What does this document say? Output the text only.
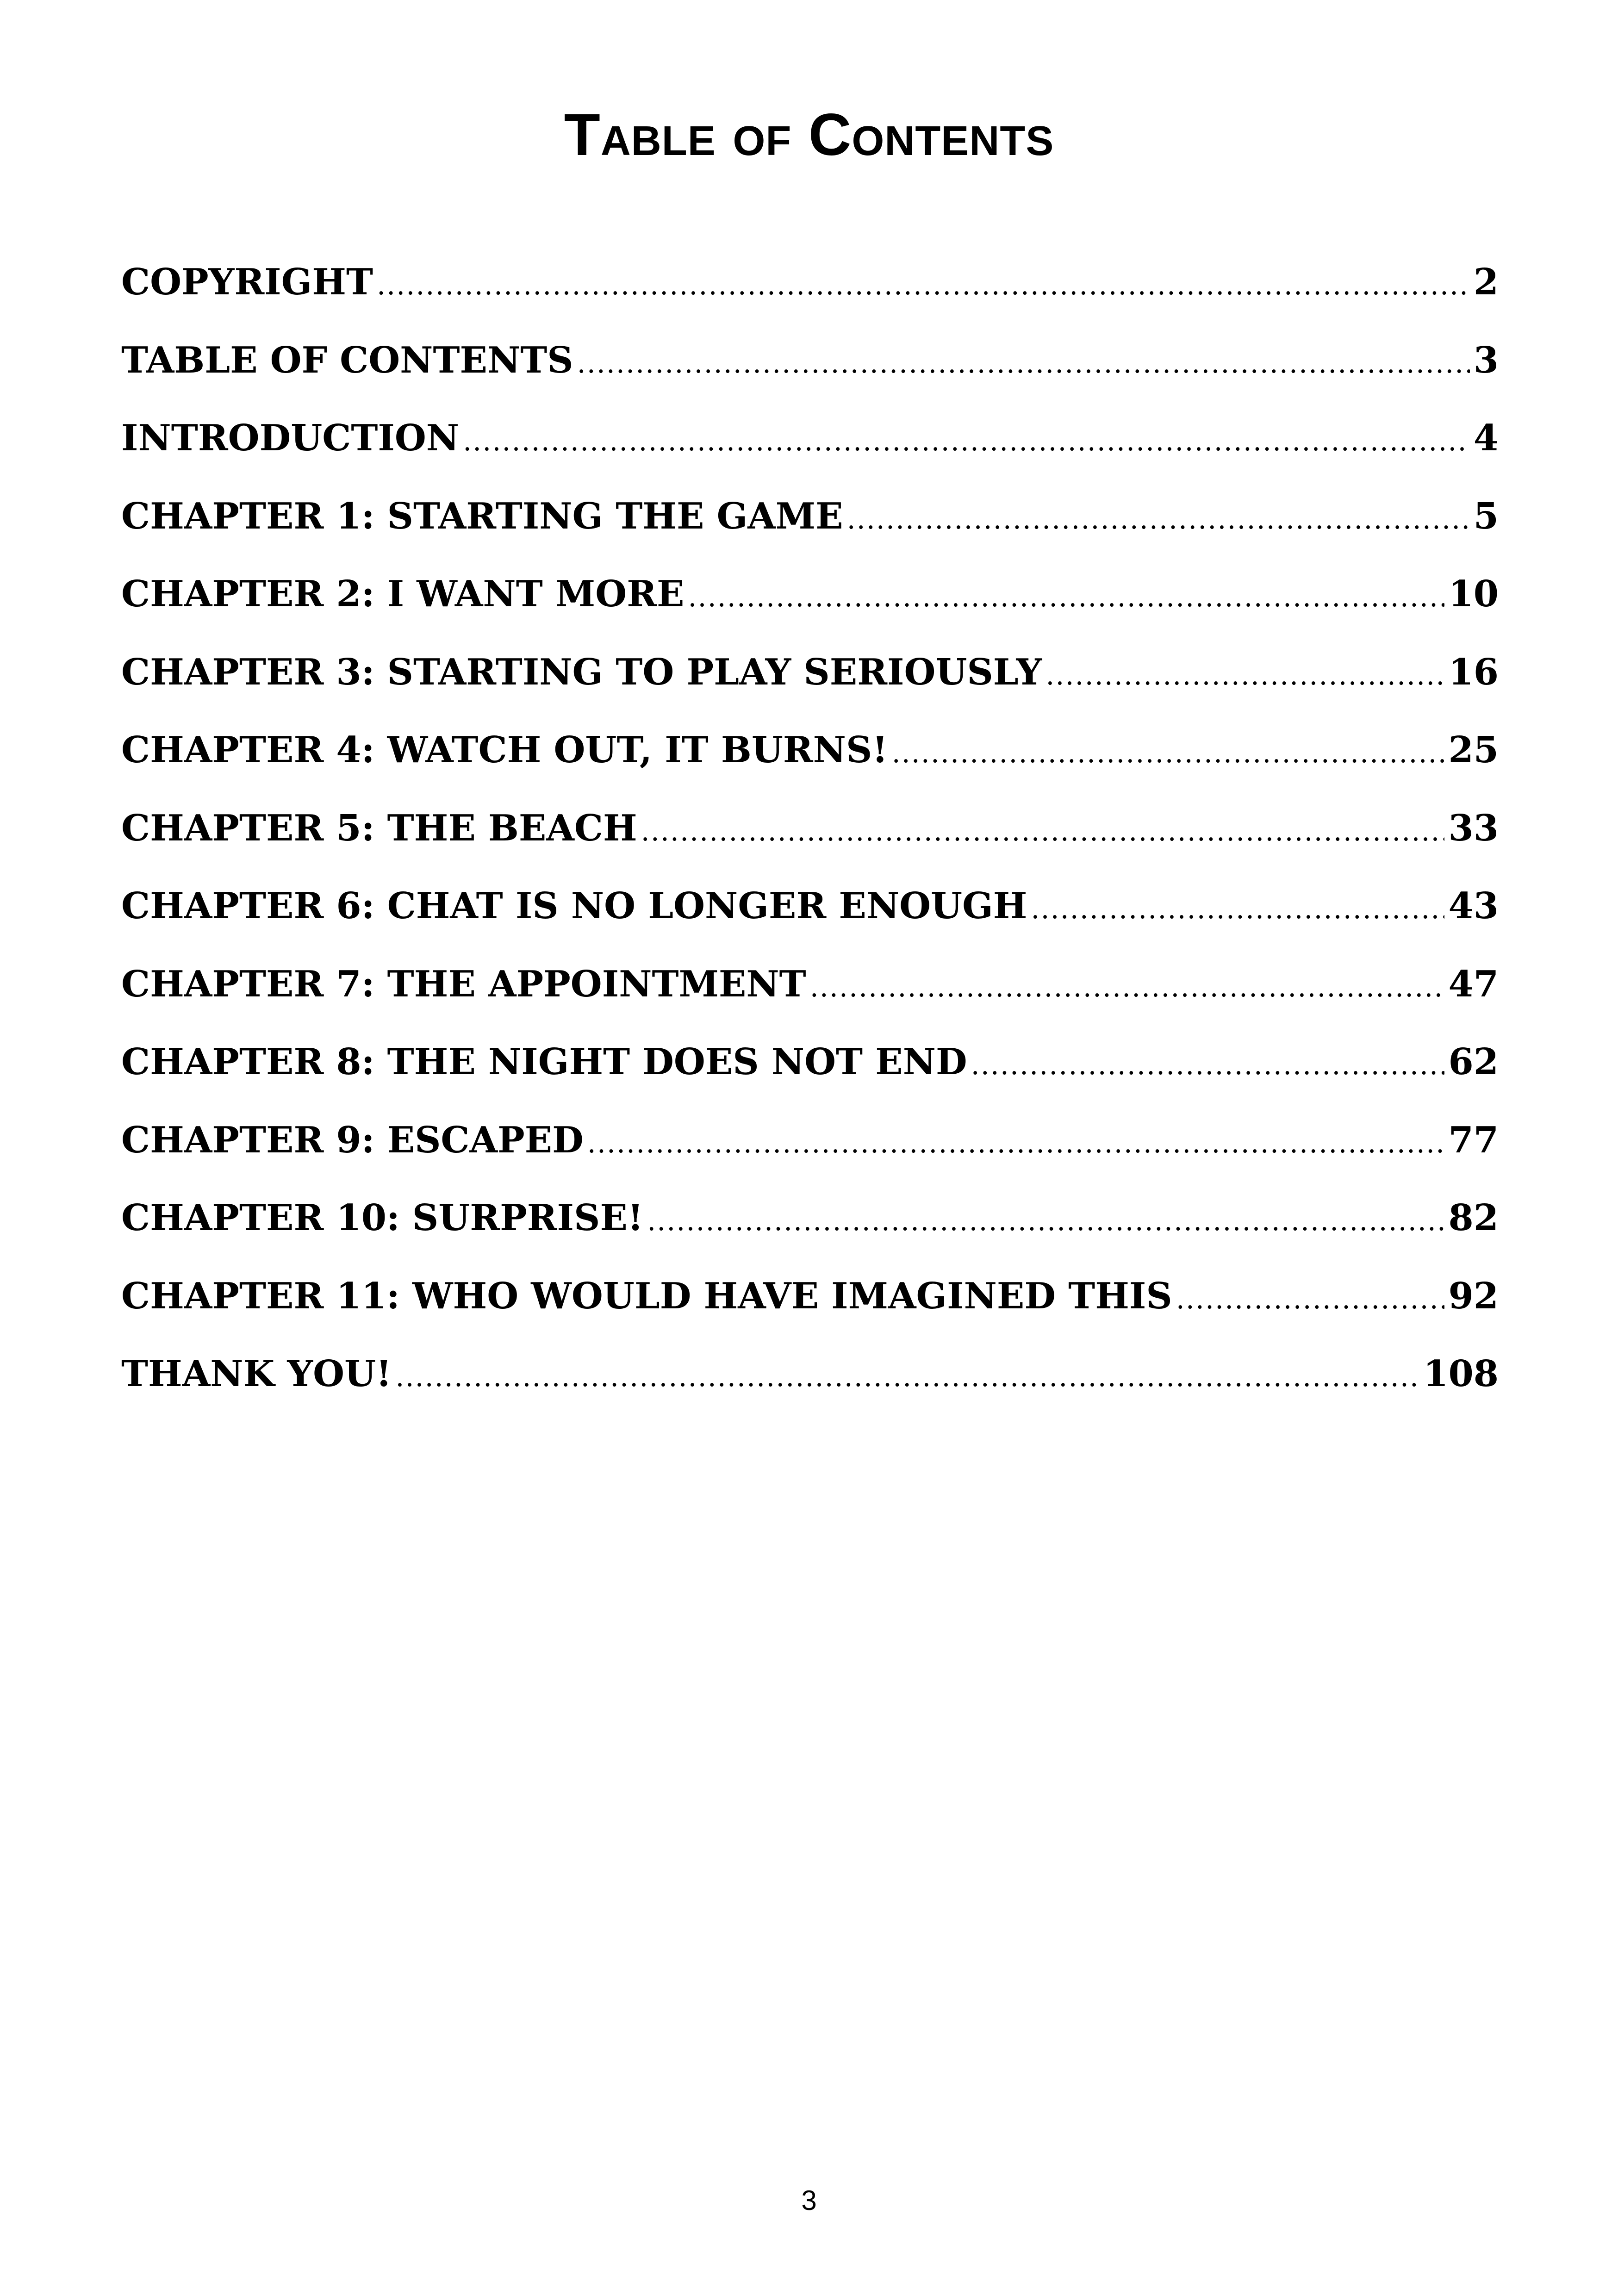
Table of Contents
COPYRIGHT .....	2
TABLE OF CONTENTS .....	3
INTRODUCTION .....	4
CHAPTER 1: STARTING THE GAME .....	5
CHAPTER 2: I WANT MORE .....	10
CHAPTER 3: STARTING TO PLAY SERIOUSLY .....	16
CHAPTER 4: WATCH OUT, IT BURNS! .....	25
CHAPTER 5: THE BEACH .....	33
CHAPTER 6: CHAT IS NO LONGER ENOUGH .....	43
CHAPTER 7: THE APPOINTMENT .....	47
CHAPTER 8: THE NIGHT DOES NOT END .....	62
CHAPTER 9: ESCAPED .....	77
CHAPTER 10: SURPRISE! .....	82
CHAPTER 11: WHO WOULD HAVE IMAGINED THIS .....	92
THANK YOU! .....	108
3
